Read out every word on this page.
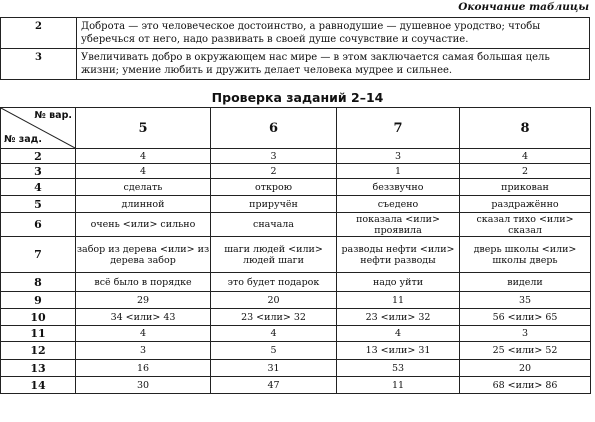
Окончание таблицы
2	Доброта — это человеческое достоинство, а равнодушие — душевное уродство; чтобы уберечься от него, надо развивать в своей душе сочувствие и соучастие.
3	Увеличивать добро в окружающем нас мире — в этом заключается самая большая цель жизни; умение любить и дружить делает человека мудрее и сильнее.
Проверка заданий 2–14
№ вар.
№ зад.	5	6	7	8
2	4	3	3	4
3	4	2	1	2
4	сделать	открою	беззвучно	прикован
5	длинной	приручён	съедено	раздражённо
6	очень <или> сильно	сначала	показала <или> проявила	сказал тихо <или> сказал
7	забор из дерева <или> из дерева забор	шаги людей <или> людей шаги	разводы нефти <или> нефти разводы	дверь школы <или> школы дверь
8	всё было в порядке	это будет подарок	надо уйти	видели
9	29	20	11	35
10	34 <или> 43	23 <или> 32	23 <или> 32	56 <или> 65
11	4	4	4	3
12	3	5	13 <или> 31	25 <или> 52
13	16	31	53	20
14	30	47	11	68 <или> 86
